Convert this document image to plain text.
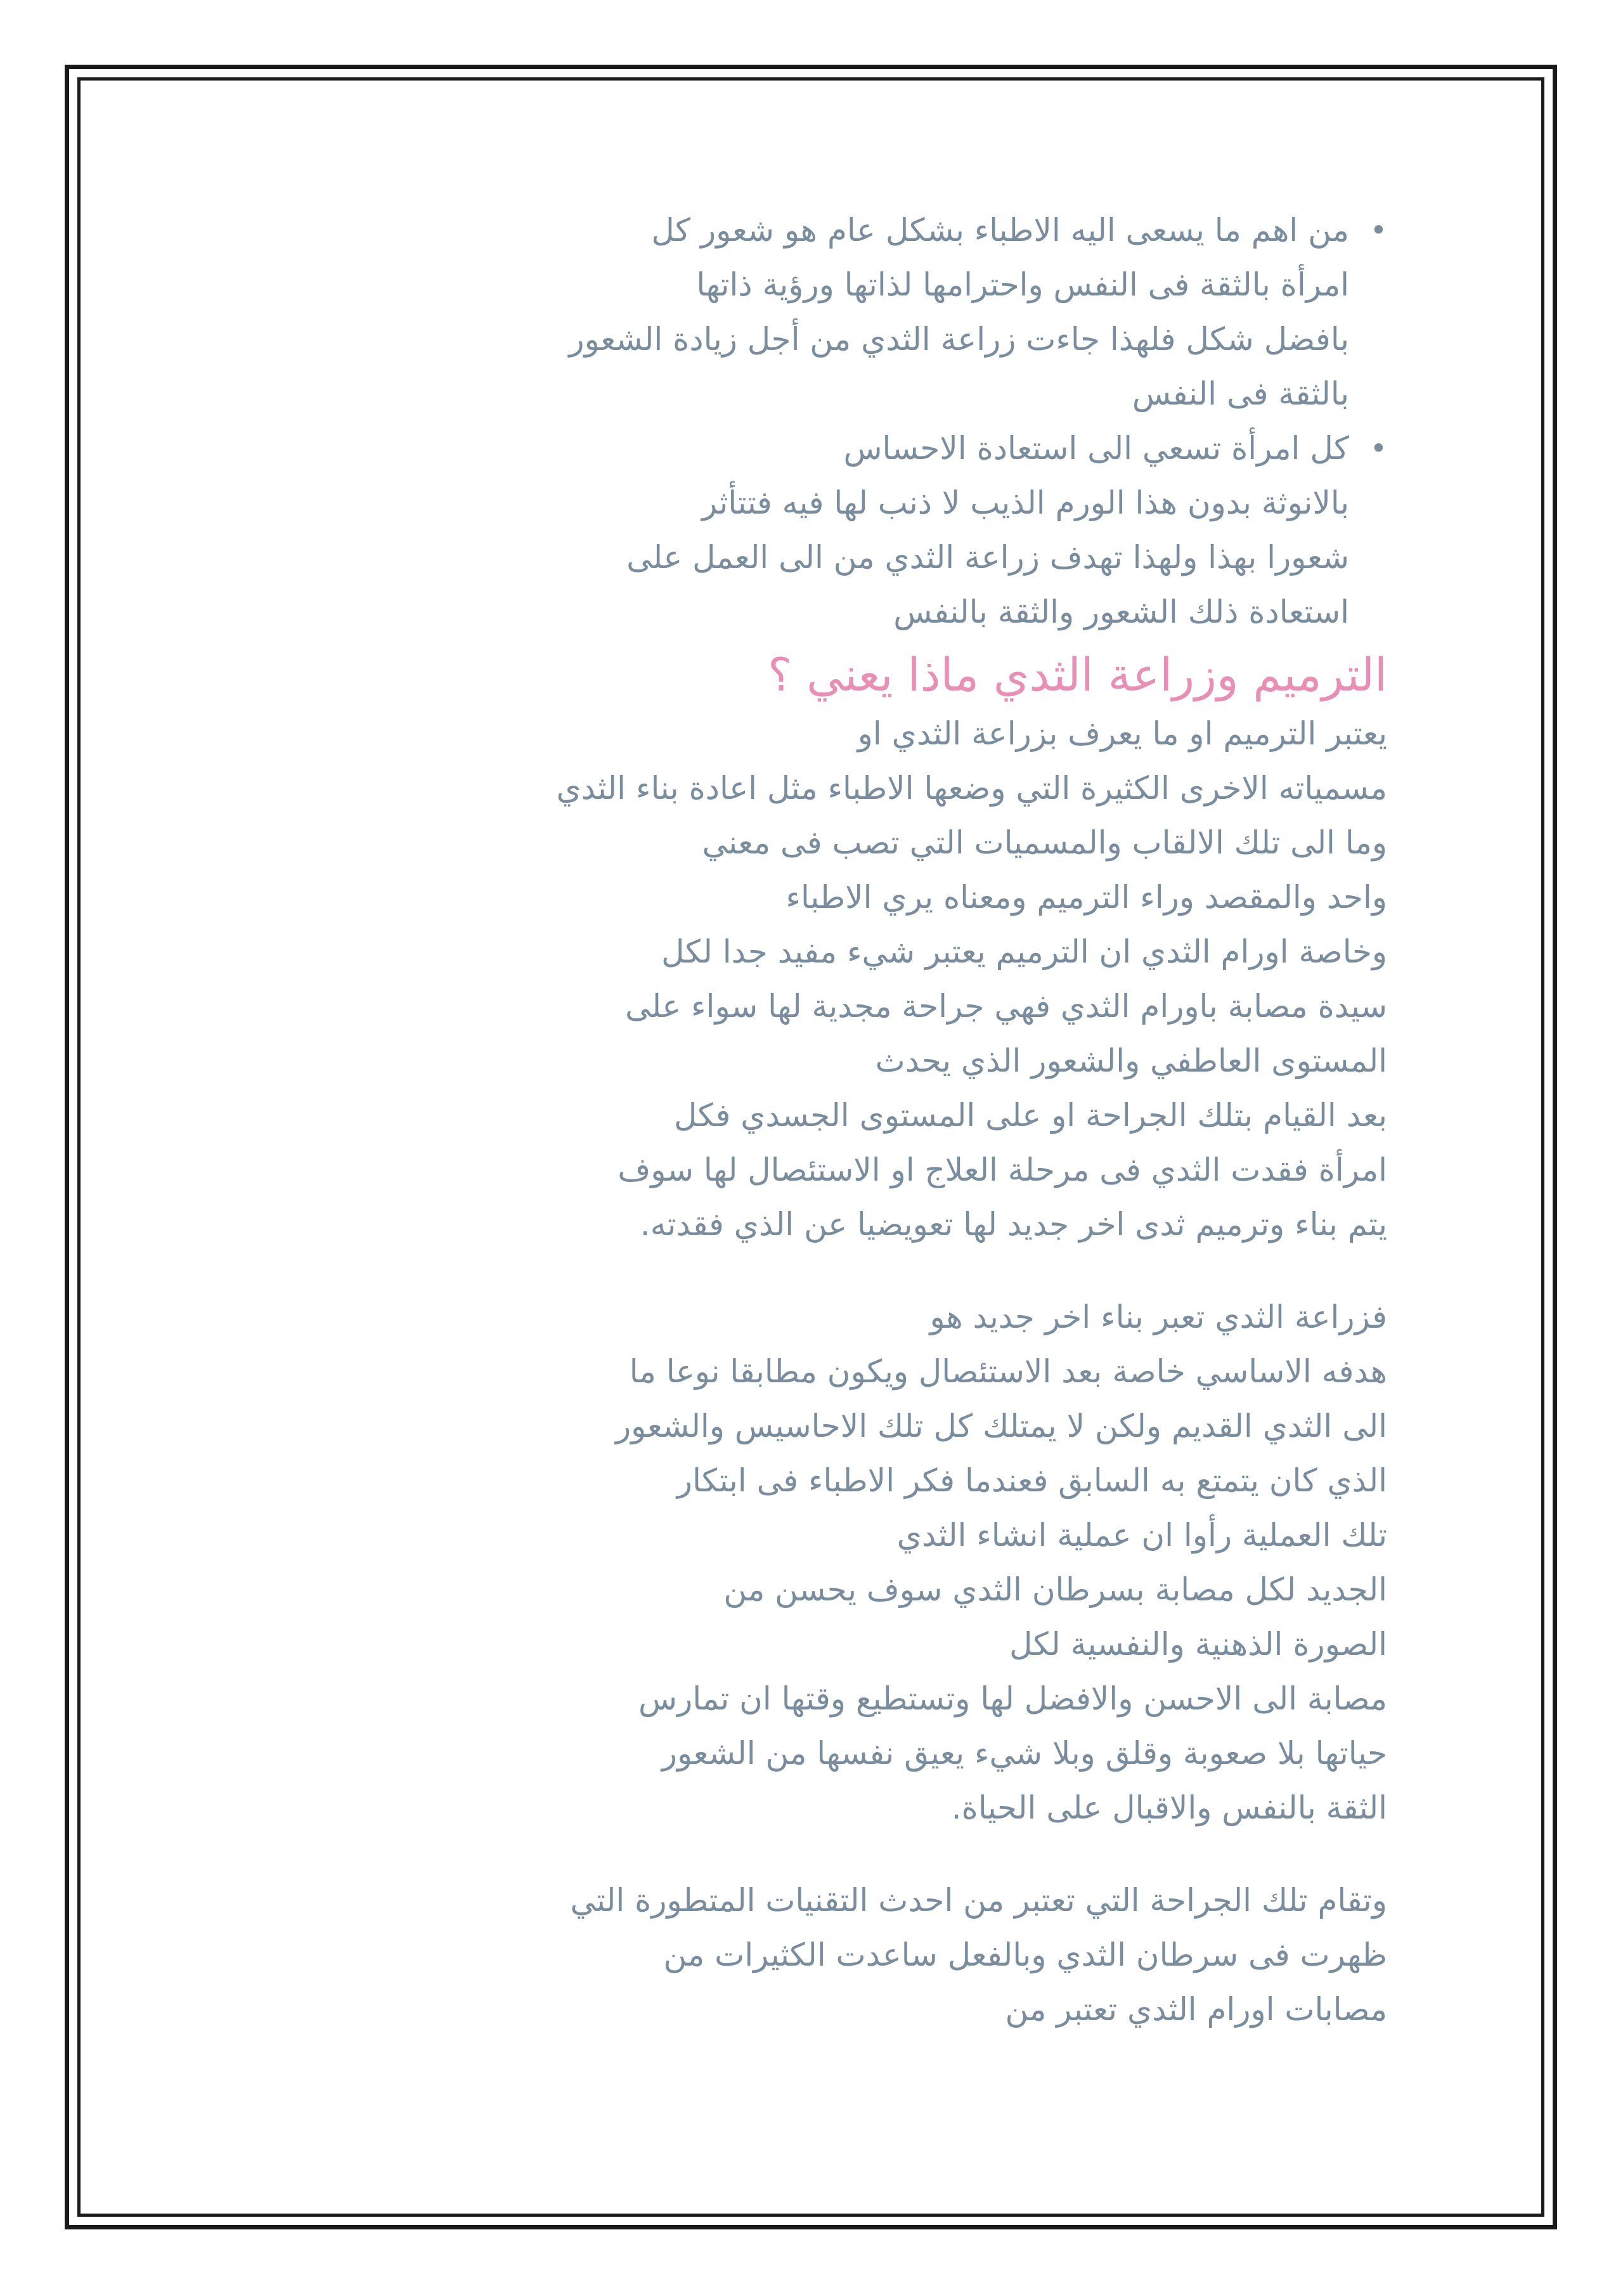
• من اهم ما يسعى اليه الاطباء بشكل عام هو شعور كل
امرأة بالثقة فى النفس واحترامها لذاتها ورؤية ذاتها
بافضل شكل فلهذا جاءت زراعة الثدي من أجل زيادة الشعور
بالثقة فى النفس
• كل امرأة تسعي الى استعادة الاحساس
بالانوثة بدون هذا الورم الذيب لا ذنب لها فيه فتتأثر
شعورا بهذا ولهذا تهدف زراعة الثدي من الى العمل على
استعادة ذلك الشعور والثقة بالنفس
الترميم وزراعة الثدي ماذا يعني ؟

يعتبر الترميم او ما يعرف بزراعة الثدي او
مسمياته الاخرى الكثيرة التي وضعها الاطباء مثل اعادة بناء الثدي
وما الى تلك الالقاب والمسميات التي تصب فى معني
واحد والمقصد وراء الترميم ومعناه يري الاطباء
وخاصة اورام الثدي ان الترميم يعتبر شيء مفيد جدا لكل
سيدة مصابة باورام الثدي فهي جراحة مجدية لها سواء على
المستوى العاطفي والشعور الذي يحدث
بعد القيام بتلك الجراحة او على المستوى الجسدي فكل
امرأة فقدت الثدي فى مرحلة العلاج او الاستئصال لها سوف
يتم بناء وترميم ثدى اخر جديد لها تعويضيا عن الذي فقدته.

فزراعة الثدي تعبر بناء اخر جديد هو
هدفه الاساسي خاصة بعد الاستئصال ويكون مطابقا نوعا ما
الى الثدي القديم ولكن لا يمتلك كل تلك الاحاسيس والشعور
الذي كان يتمتع به السابق فعندما فكر الاطباء فى ابتكار
تلك العملية رأوا ان عملية انشاء الثدي
الجديد لكل مصابة بسرطان الثدي سوف يحسن من
الصورة الذهنية والنفسية لكل
مصابة الى الاحسن والافضل لها وتستطيع وقتها ان تمارس
حياتها بلا صعوبة وقلق وبلا شيء يعيق نفسها من الشعور
الثقة بالنفس والاقبال على الحياة.

وتقام تلك الجراحة التي تعتبر من احدث التقنيات المتطورة التي
ظهرت فى سرطان الثدي وبالفعل ساعدت الكثيرات من
مصابات اورام الثدي تعتبر من
